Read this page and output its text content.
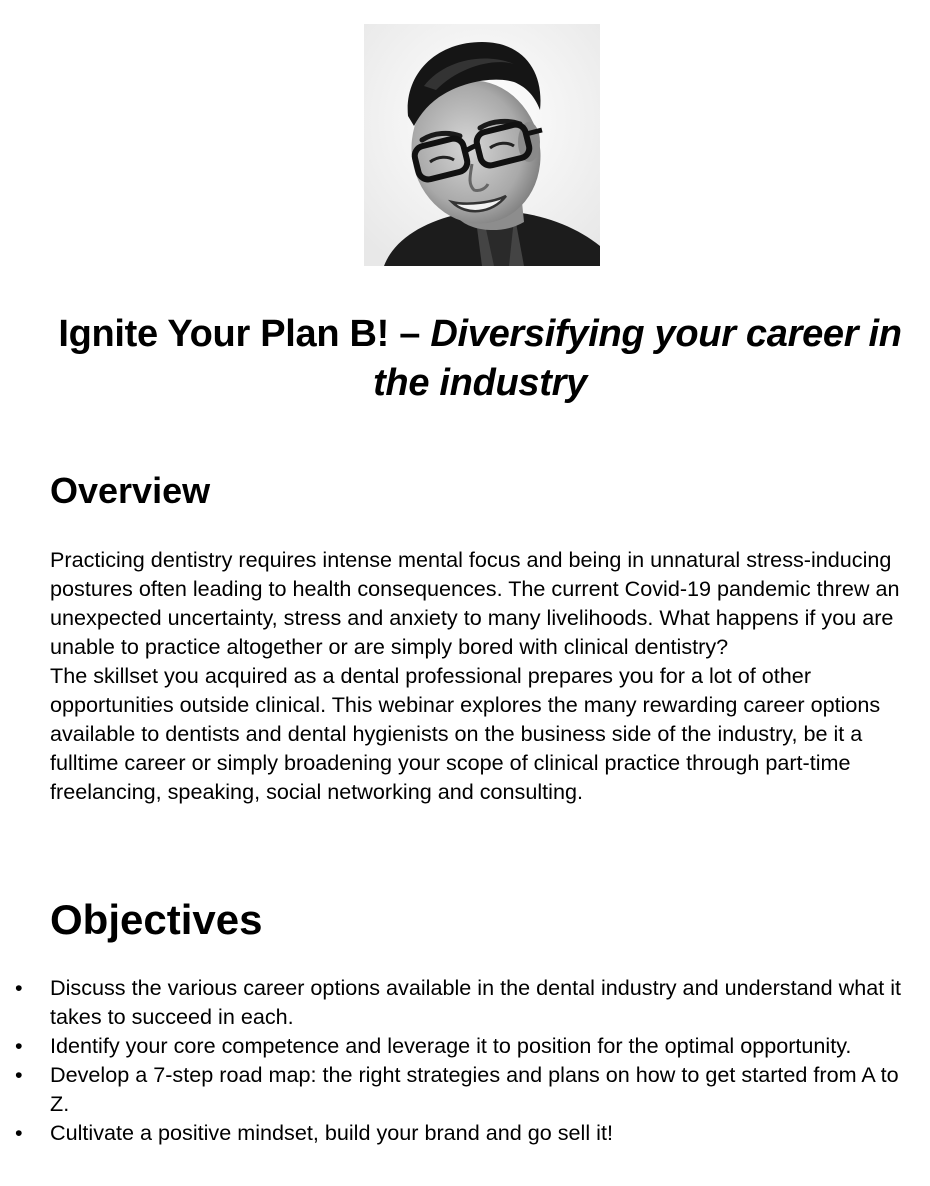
Ignite Your Plan B! – Diversifying your career in the industry
Overview

Practicing dentistry requires intense mental focus and being in unnatural stress-inducing postures often leading to health consequences. The current Covid-19 pandemic threw an unexpected uncertainty, stress and anxiety to many livelihoods. What happens if you are unable to practice altogether or are simply bored with clinical dentistry?

The skillset you acquired as a dental professional prepares you for a lot of other opportunities outside clinical. This webinar explores the many rewarding career options available to dentists and dental hygienists on the business side of the industry, be it a fulltime career or simply broadening your scope of clinical practice through part-time freelancing, speaking, social networking and consulting.

Objectives
• Discuss the various career options available in the dental industry and understand what it takes to succeed in each.
• Identify your core competence and leverage it to position for the optimal opportunity.
• Develop a 7-step road map: the right strategies and plans on how to get started from A to Z.
• Cultivate a positive mindset, build your brand and go sell it!
